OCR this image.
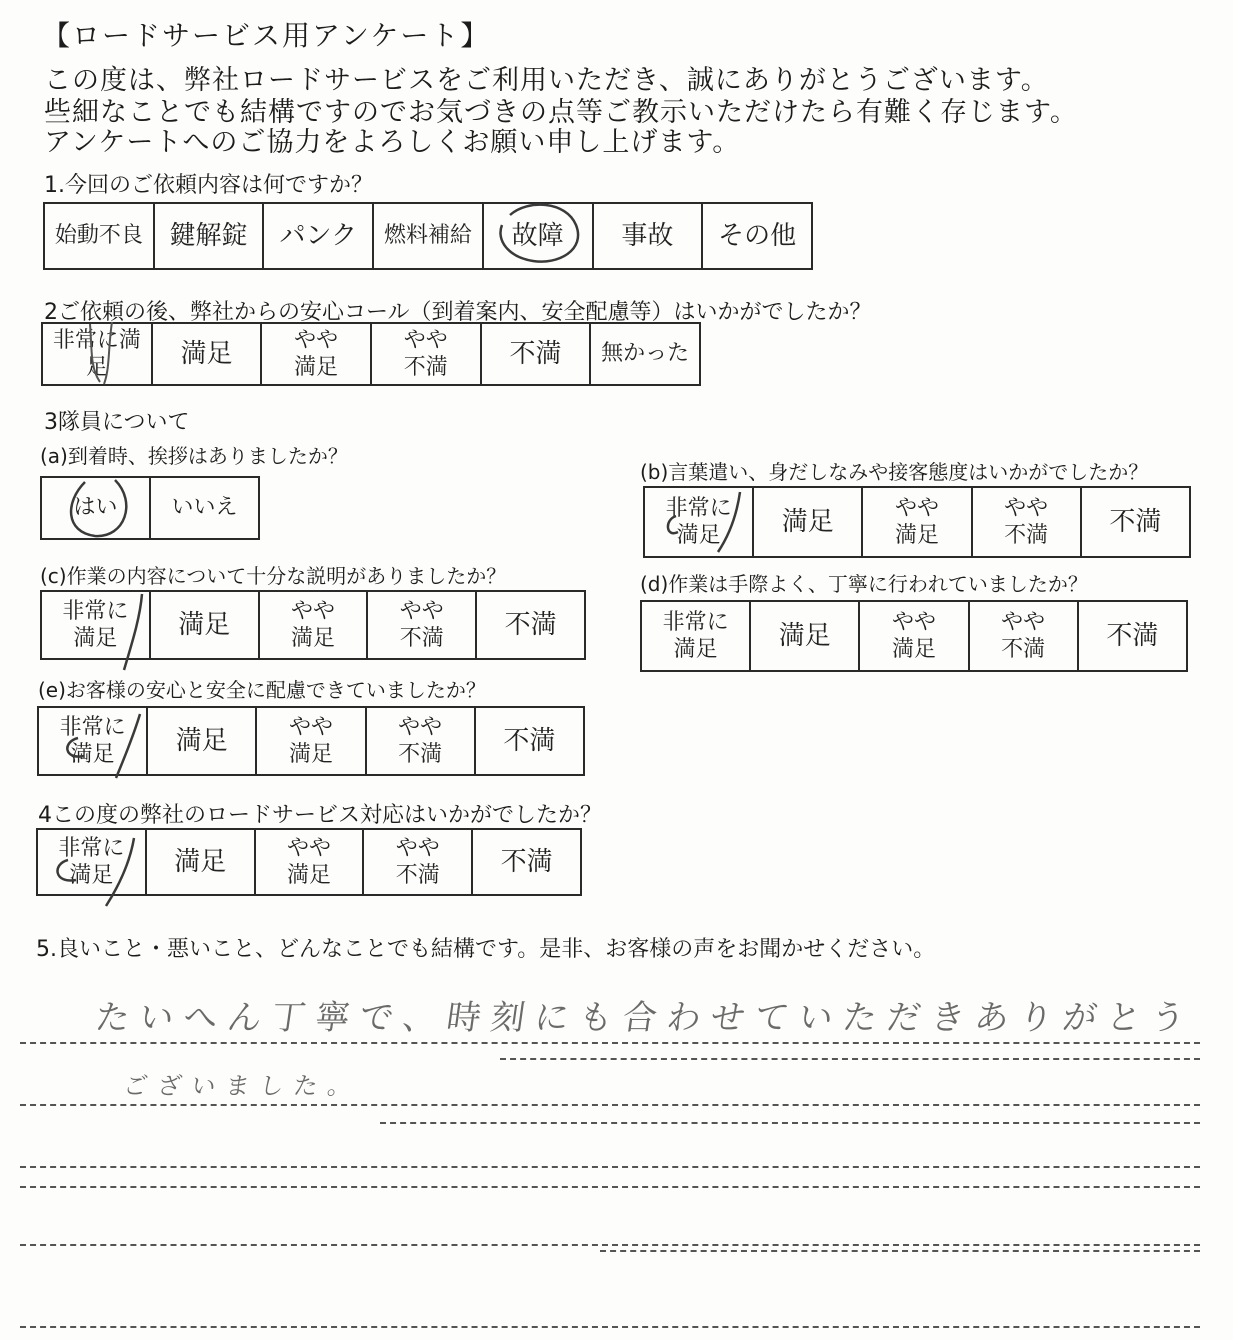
【ロードサービス用アンケート】
この度は、弊社ロードサービスをご利用いただき、誠にありがとうございます。
些細なことでも結構ですのでお気づきの点等ご教示いただけたら有難く存じます。
アンケートへのご協力をよろしくお願い申し上げます。
1.今回のご依頼内容は何ですか？
始動不良	鍵解錠	パンク	燃料補給	故障	事故	その他
2ご依頼の後、弊社からの安心コール（到着案内、安全配慮等）はいかがでしたか？
非常に満足	満足	やや満足	やや不満	不満	無かった
3隊員について
(a)到着時、挨拶はありましたか？
はい	いいえ
(b)言葉遣い、身だしなみや接客態度はいかがでしたか？
非常に満足	満足	やや満足	やや不満	不満
(c)作業の内容について十分な説明がありましたか？
非常に満足	満足	やや満足	やや不満	不満
(d)作業は手際よく、丁寧に行われていましたか？
非常に満足	満足	やや満足	やや不満	不満
(e)お客様の安心と安全に配慮できていましたか？
非常に満足	満足	やや満足	やや不満	不満
4この度の弊社のロードサービス対応はいかがでしたか？
非常に満足	満足	やや満足	やや不満	不満
5.良いこと・悪いこと、どんなことでも結構です。是非、お客様の声をお聞かせください。
たいへん丁寧で、時刻にも合わせていただきありがとう
ございました。
